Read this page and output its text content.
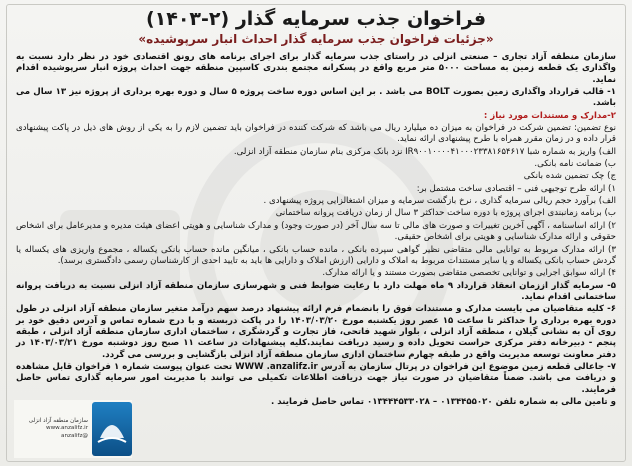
فراخوان جذب سرمایه گذار (۲-۱۴۰۳)
«جزئیات فراخوان جذب سرمایه گذار احداث انبار سرپوشیده»

سازمان منطقه آزاد تجاری – صنعتی انزلی در راستای جذب سرمایه گذار برای اجرای برنامه های رونق اقتصادی خود در نظر دارد نسبت به واگذاری یک قطعه زمین به مساحت ۵۰۰۰ متر مربع واقع در پسکرانه مجتمع بندری کاسپین منطقه جهت احداث پروژه انبار سرپوشیده اقدام نماید.

۱- قالب قرارداد واگذاری زمین بصورت BOLT می باشد . بر این اساس دوره ساخت پروژه ۵ سال و دوره بهره برداری از پروژه نیز ۱۳ سال می باشد.

۲-مدارک و مستندات مورد نیاز :

نوع تضمین: تضمین شرکت در فراخوان به میزان ده میلیارد ریال می باشد که شرکت کننده در فراخوان باید تضمین لازم را به یکی از روش های ذیل در پاکت پیشنهادی قرار داده و در زمان مقرر همراه با طرح پیشنهادی ارائه نماید.

الف) واریز به شماره شبا IR۹۰۰۱۰۰۰۰۴۱۰۰۰۲۳۳۸۱۶۵۴۶۱۷ نزد بانک مرکزی بنام سازمان منطقه آزاد انزلی.

ب) ضمانت نامه بانکی.

ج) چک تضمین شده بانکی

۱) ارائه طرح توجیهی فنی – اقتصادی ساخت مشتمل بر:

الف) برآورد حجم ریالی سرمایه گذاری ، نرخ بازگشت سرمایه و میزان اشتغالزایی پروژه پیشنهادی .

ب) برنامه زمانبندی اجرای پروژه با دوره ساخت حداکثر ۳ سال از زمان دریافت پروانه ساختمانی

۲) ارائه اساسنامه ، آگهی آخرین تغییرات و صورت های مالی تا سه سال آخر (در صورت وجود) و مدارک شناسایی و هویتی اعضای هیئت مدیره و مدیرعامل برای اشخاص حقوقی و ارائه مدارک شناسایی و هویتی برای اشخاص حقیقی.

۳) ارائه مدارک مربوط به توانایی مالی متقاضی نظیر گواهی سپرده بانکی ، مانده حساب بانکی ، میانگین مانده حساب بانکی یکساله ، مجموع واریزی های یکساله یا گردش حساب بانکی یکساله و یا سایر مستندات مربوط به املاک و دارایی (ارزش املاک و دارایی ها باید به تایید احدی از کارشناسان رسمی دادگستری برسد).

۴) ارائه سوابق اجرایی و توانایی تخصصی متقاضی بصورت مستند و یا ارائه مدارک.

۵- سرمایه گذار اززمان انعقاد قرارداد ۹ ماه مهلت دارد با رعایت ضوابط فنی و شهرسازی سازمان منطقه آزاد انزلی نسبت به دریافت پروانه ساختمانی اقدام نماید.

۶- کلیه متقاضیان می بایست مدارک و مستندات فوق را بانضمام فرم ارائه پیشنهاد درصد سهم درآمد متغیر سازمان منطقه آزاد انزلی در طول دوره بهره برداری را حداکثر تا ساعت ۱۵ عصر روز یکشنبه مورخ ۱۴۰۳/۰۳/۲۰ را در پاکت دربسته و با درج شماره تماس و آدرس دقیق خود بر روی آن به نشانی گیلان ، منطقه آزاد انزلی ، بلوار شهید فاتحی، فاز تجارت و گردشگری ، ساختمان اداری سازمان منطقه آزاد انزلی ، طبقه پنجم - دبیرخانه دفتر مرکزی حراست تحویل داده و رسید دریافت نمایند.کلیه پیشنهادات در ساعت ۱۱ صبح روز دوشنبه مورخ ۱۴۰۳/۰۳/۲۱ در دفتر معاونت توسعه مدیریت واقع در طبقه چهارم ساختمان اداری سازمان منطقه آزاد انزلی بازگشایی و بررسی می گردد.

۷- جاعالی قطعه زمین موضوع این فراخوان در پرتال سازمان به آدرس WWW .anzalifz.ir تحت عنوان پیوست شماره ۱ فراخوان قابل مشاهده و دریافت می باشد. ضمناً متقاضیان در صورت نیاز جهت دریافت اطلاعات تکمیلی می توانند با مدیریت امور سرمایه گذاری تماس حاصل فرمایند.

و تامین مالی به شماره تلفن ۰۱۳۴۴۵۵۰۲۰ – ۰۱۳۴۴۴۵۳۳۰۲۸ تماس حاصل فرمایند .

سازمان منطقه آزاد انزلی
www.anzalifz.ir
@anzalifz
